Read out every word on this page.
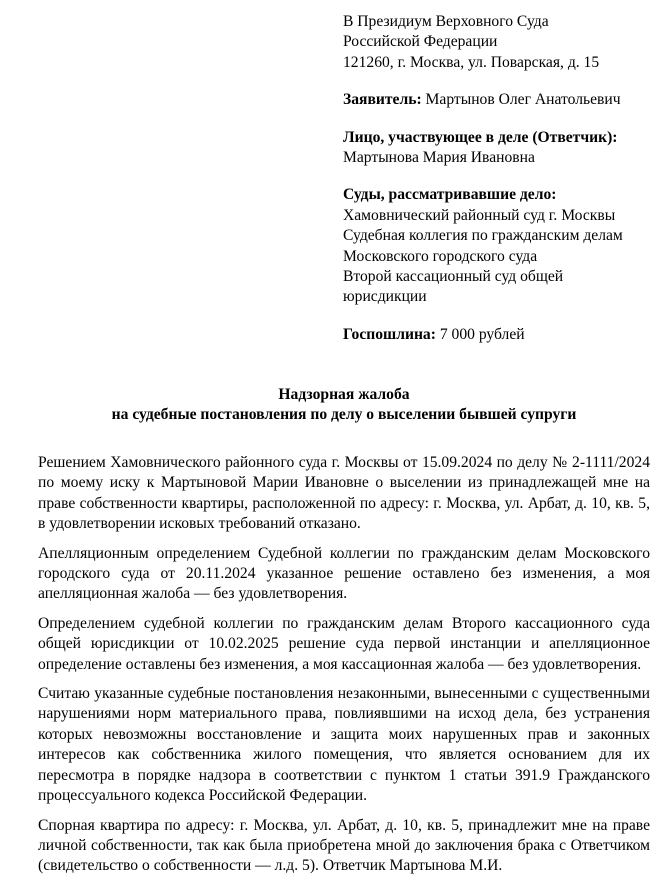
В Президиум Верховного Суда
Российской Федерации
121260, г. Москва, ул. Поварская, д. 15
Заявитель: Мартынов Олег Анатольевич
Лицо, участвующее в деле (Ответчик):
Мартынова Мария Ивановна
Суды, рассматривавшие дело:
Хамовнический районный суд г. Москвы
Судебная коллегия по гражданским делам
Московского городского суда
Второй кассационный суд общей
юрисдикции
Госпошлина: 7 000 рублей
Надзорная жалоба
на судебные постановления по делу о выселении бывшей супруги

Решением Хамовнического районного суда г. Москвы от 15.09.2024 по делу № 2-1111/2024 по моему иску к Мартыновой Марии Ивановне о выселении из принадлежащей мне на праве собственности квартиры, расположенной по адресу: г. Москва, ул. Арбат, д. 10, кв. 5, в удовлетворении исковых требований отказано.

Апелляционным определением Судебной коллегии по гражданским делам Московского городского суда от 20.11.2024 указанное решение оставлено без изменения, а моя апелляционная жалоба — без удовлетворения.

Определением судебной коллегии по гражданским делам Второго кассационного суда общей юрисдикции от 10.02.2025 решение суда первой инстанции и апелляционное определение оставлены без изменения, а моя кассационная жалоба — без удовлетворения.

Считаю указанные судебные постановления незаконными, вынесенными с существенными нарушениями норм материального права, повлиявшими на исход дела, без устранения которых невозможны восстановление и защита моих нарушенных прав и законных интересов как собственника жилого помещения, что является основанием для их пересмотра в порядке надзора в соответствии с пунктом 1 статьи 391.9 Гражданского процессуального кодекса Российской Федерации.

Спорная квартира по адресу: г. Москва, ул. Арбат, д. 10, кв. 5, принадлежит мне на праве личной собственности, так как была приобретена мной до заключения брака с Ответчиком (свидетельство о собственности — л.д. 5). Ответчик Мартынова М.И.
